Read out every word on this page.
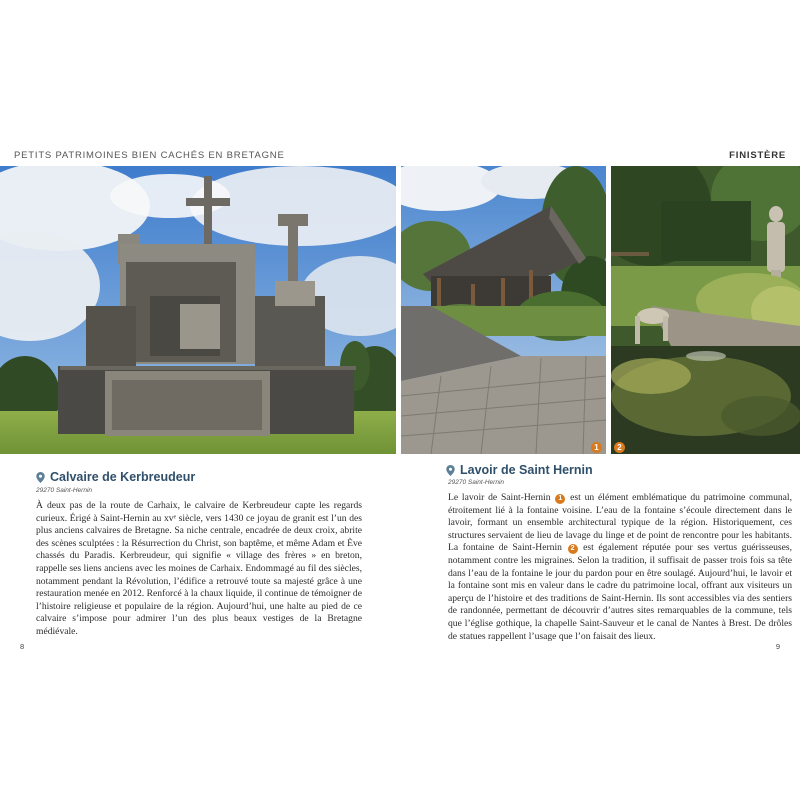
PETITS PATRIMOINES BIEN CACHÉS EN BRETAGNE	FINISTÈRE
1	2
Calvaire de Kerbreudeur
29270 Saint-Hernin
À deux pas de la route de Carhaix, le calvaire de Kerbreudeur capte les regards curieux. Érigé à Saint-Hernin au xvᵉ siècle, vers 1430 ce joyau de granit est l’un des plus anciens calvaires de Bretagne. Sa niche centrale, encadrée de deux croix, abrite des scènes sculptées : la Résurrection du Christ, son baptême, et même Adam et Ève chassés du Paradis. Kerbreudeur, qui signifie « village des frères » en breton, rappelle ses liens anciens avec les moines de Carhaix. Endommagé au fil des siècles, notamment pendant la Révolution, l’édifice a retrouvé toute sa majesté grâce à une restauration menée en 2012. Renforcé à la chaux liquide, il continue de témoigner de l’histoire religieuse et populaire de la région. Aujourd’hui, une halte au pied de ce calvaire s’impose pour admirer l’un des plus beaux vestiges de la Bretagne médiévale.
8
Lavoir de Saint Hernin
29270 Saint-Hernin
Le lavoir de Saint-Hernin 1 est un élément emblématique du patrimoine communal, étroitement lié à la fontaine voisine. L’eau de la fontaine s’écoule directement dans le lavoir, formant un ensemble architectural typique de la région. Historiquement, ces structures servaient de lieu de lavage du linge et de point de rencontre pour les habitants. La fontaine de Saint-Hernin 2 est également réputée pour ses vertus guérisseuses, notamment contre les migraines. Selon la tradition, il suffisait de passer trois fois sa tête dans l’eau de la fontaine le jour du pardon pour en être soulagé. Aujourd’hui, le lavoir et la fontaine sont mis en valeur dans le cadre du patrimoine local, offrant aux visiteurs un aperçu de l’histoire et des traditions de Saint-Hernin. Ils sont accessibles via des sentiers de randonnée, permettant de découvrir d’autres sites remarquables de la commune, tels que l’église gothique, la chapelle Saint-Sauveur et le canal de Nantes à Brest. De drôles de statues rappellent l’usage que l’on faisait des lieux.
9
